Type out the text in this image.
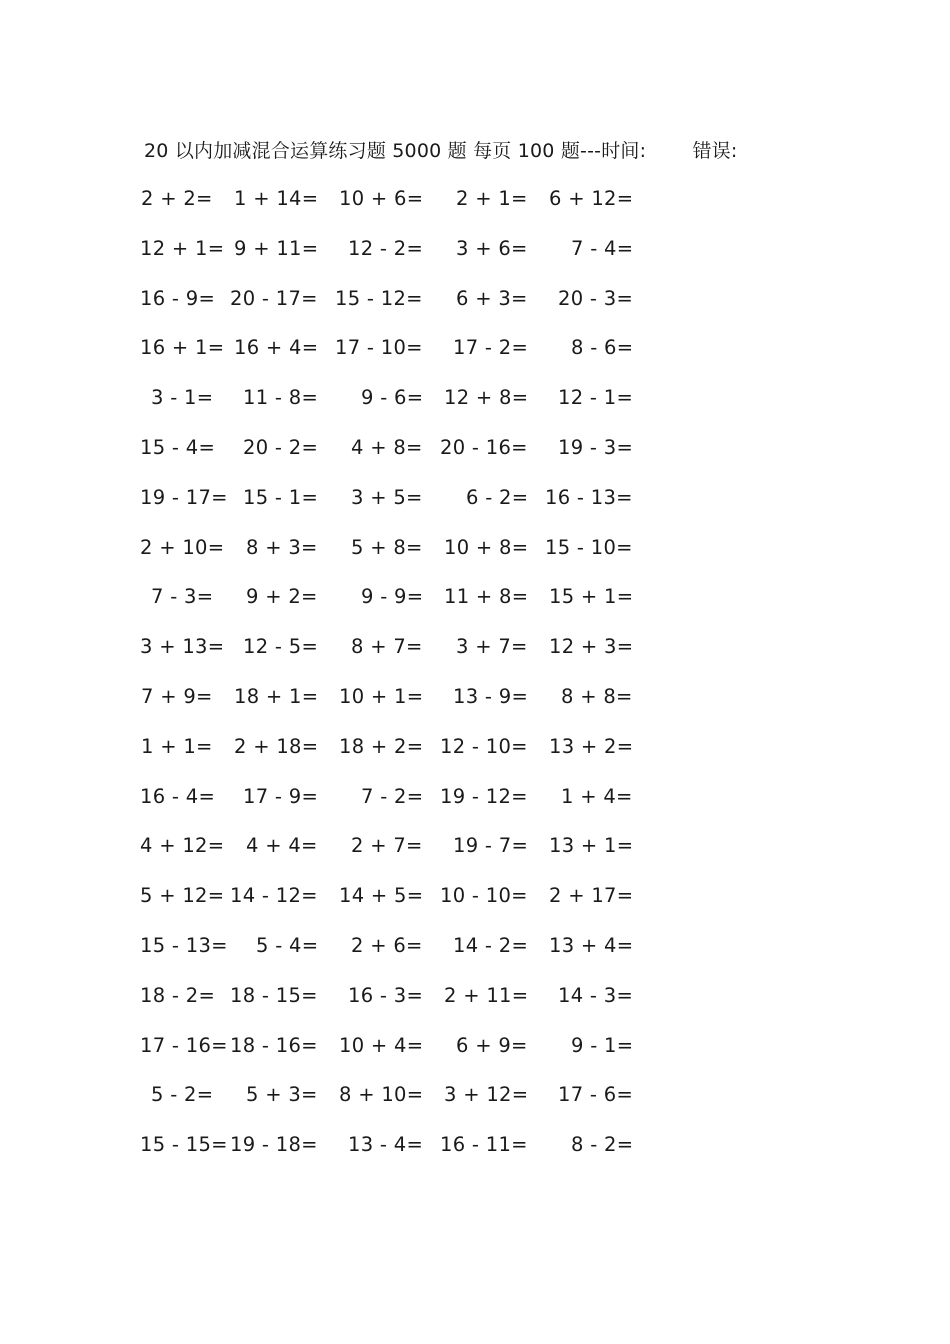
20 以内加减混合运算练习题 5000 题 每页 100 题---时间: 错误:
2 + 2= 1 + 14= 10 + 6= 2 + 1= 6 + 12=
12 + 1= 9 + 11= 12 - 2= 3 + 6= 7 - 4=
16 - 9= 20 - 17= 15 - 12= 6 + 3= 20 - 3=
16 + 1= 16 + 4= 17 - 10= 17 - 2= 8 - 6=
3 - 1= 11 - 8= 9 - 6= 12 + 8= 12 - 1=
15 - 4= 20 - 2= 4 + 8= 20 - 16= 19 - 3=
19 - 17= 15 - 1= 3 + 5= 6 - 2= 16 - 13=
2 + 10= 8 + 3= 5 + 8= 10 + 8= 15 - 10=
7 - 3= 9 + 2= 9 - 9= 11 + 8= 15 + 1=
3 + 13= 12 - 5= 8 + 7= 3 + 7= 12 + 3=
7 + 9= 18 + 1= 10 + 1= 13 - 9= 8 + 8=
1 + 1= 2 + 18= 18 + 2= 12 - 10= 13 + 2=
16 - 4= 17 - 9= 7 - 2= 19 - 12= 1 + 4=
4 + 12= 4 + 4= 2 + 7= 19 - 7= 13 + 1=
5 + 12= 14 - 12= 14 + 5= 10 - 10= 2 + 17=
15 - 13= 5 - 4= 2 + 6= 14 - 2= 13 + 4=
18 - 2= 18 - 15= 16 - 3= 2 + 11= 14 - 3=
17 - 16= 18 - 16= 10 + 4= 6 + 9= 9 - 1=
5 - 2= 5 + 3= 8 + 10= 3 + 12= 17 - 6=
15 - 15= 19 - 18= 13 - 4= 16 - 11= 8 - 2=
